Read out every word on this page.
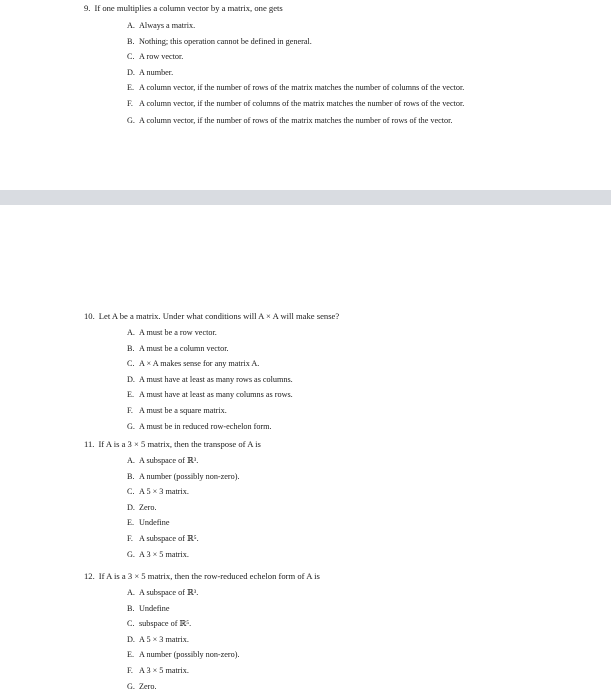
9. If one multiplies a column vector by a matrix, one gets
A. Always a matrix.
B. Nothing; this operation cannot be defined in general.
C. A row vector.
D. A number.
E. A column vector, if the number of rows of the matrix matches the number of columns of the vector.
F. A column vector, if the number of columns of the matrix matches the number of rows of the vector.
G. A column vector, if the number of rows of the matrix matches the number of rows of the vector.
10. Let A be a matrix. Under what conditions will A × A will make sense?
A. A must be a row vector.
B. A must be a column vector.
C. A × A makes sense for any matrix A.
D. A must have at least as many rows as columns.
E. A must have at least as many columns as rows.
F. A must be a square matrix.
G. A must be in reduced row-echelon form.
11. If A is a 3 × 5 matrix, then the transpose of A is
A. A subspace of ℝ³.
B. A number (possibly non-zero).
C. A 5 × 3 matrix.
D. Zero.
E. Undefine
F. A subspace of ℝ⁵.
G. A 3 × 5 matrix.
12. If A is a 3 × 5 matrix, then the row-reduced echelon form of A is
A. A subspace of ℝ³.
B. Undefine
C. subspace of ℝ⁵.
D. A 5 × 3 matrix.
E. A number (possibly non-zero).
F. A 3 × 5 matrix.
G. Zero.
